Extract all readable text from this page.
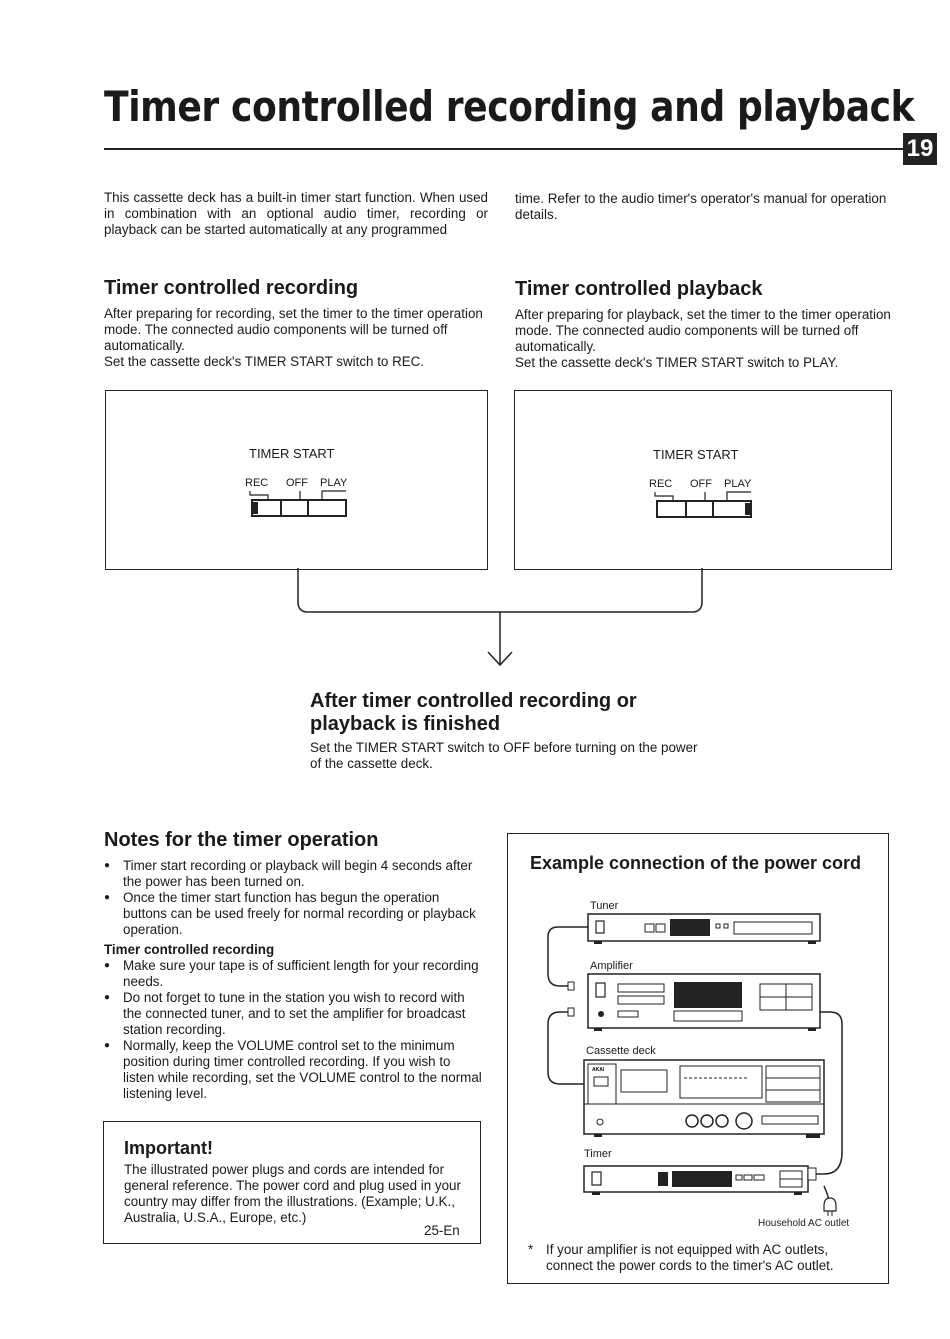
Timer controlled recording and playback
19
This cassette deck has a built-in timer start function. When used in combination with an optional audio timer, recording or playback can be started automatically at any programmed
time. Refer to the audio timer's operator's manual for operation details.
Timer controlled recording
After preparing for recording, set the timer to the timer operation mode. The connected audio components will be turned off automatically.
Set the cassette deck's TIMER START switch to REC.
Timer controlled playback
After preparing for playback, set the timer to the timer operation mode. The connected audio components will be turned off automatically.
Set the cassette deck's TIMER START switch to PLAY.
TIMER START
REC OFF PLAY
TIMER START
REC OFF PLAY
After timer controlled recording or
playback is finished
Set the TIMER START switch to OFF before turning on the power of the cassette deck.
Notes for the timer operation
● Timer start recording or playback will begin 4 seconds after the power has been turned on.
● Once the timer start function has begun the operation buttons can be used freely for normal recording or playback operation.
Timer controlled recording
● Make sure your tape is of sufficient length for your recording needs.
● Do not forget to tune in the station you wish to record with the connected tuner, and to set the amplifier for broadcast station recording.
● Normally, keep the VOLUME control set to the minimum position during timer controlled recording. If you wish to listen while recording, set the VOLUME control to the normal listening level.
Important!
The illustrated power plugs and cords are intended for general reference. The power cord and plug used in your country may differ from the illustrations. (Example; U.K., Australia, U.S.A., Europe, etc.)
25-En
Example connection of the power cord
Tuner
Amplifier
Cassette deck
Timer
Household AC outlet
AKAI
* If your amplifier is not equipped with AC outlets, connect the power cords to the timer's AC outlet.
